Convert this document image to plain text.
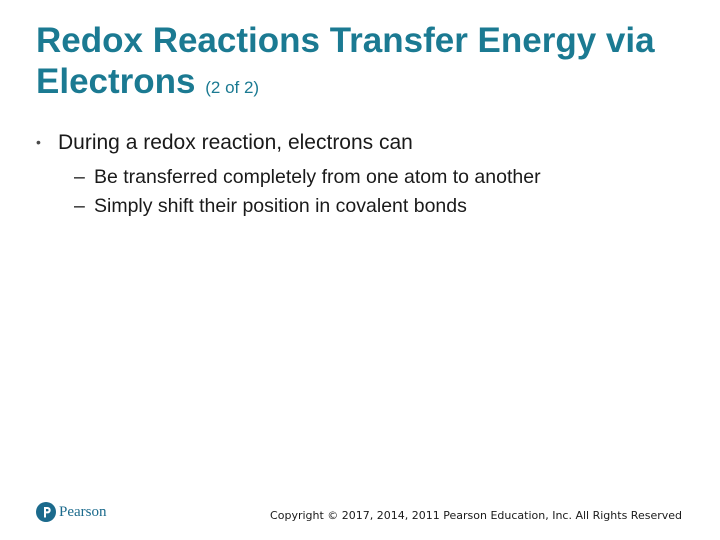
Redox Reactions Transfer Energy via Electrons (2 of 2)
• During a redox reaction, electrons can
– Be transferred completely from one atom to another
– Simply shift their position in covalent bonds
Pearson	Copyright © 2017, 2014, 2011 Pearson Education, Inc. All Rights Reserved
